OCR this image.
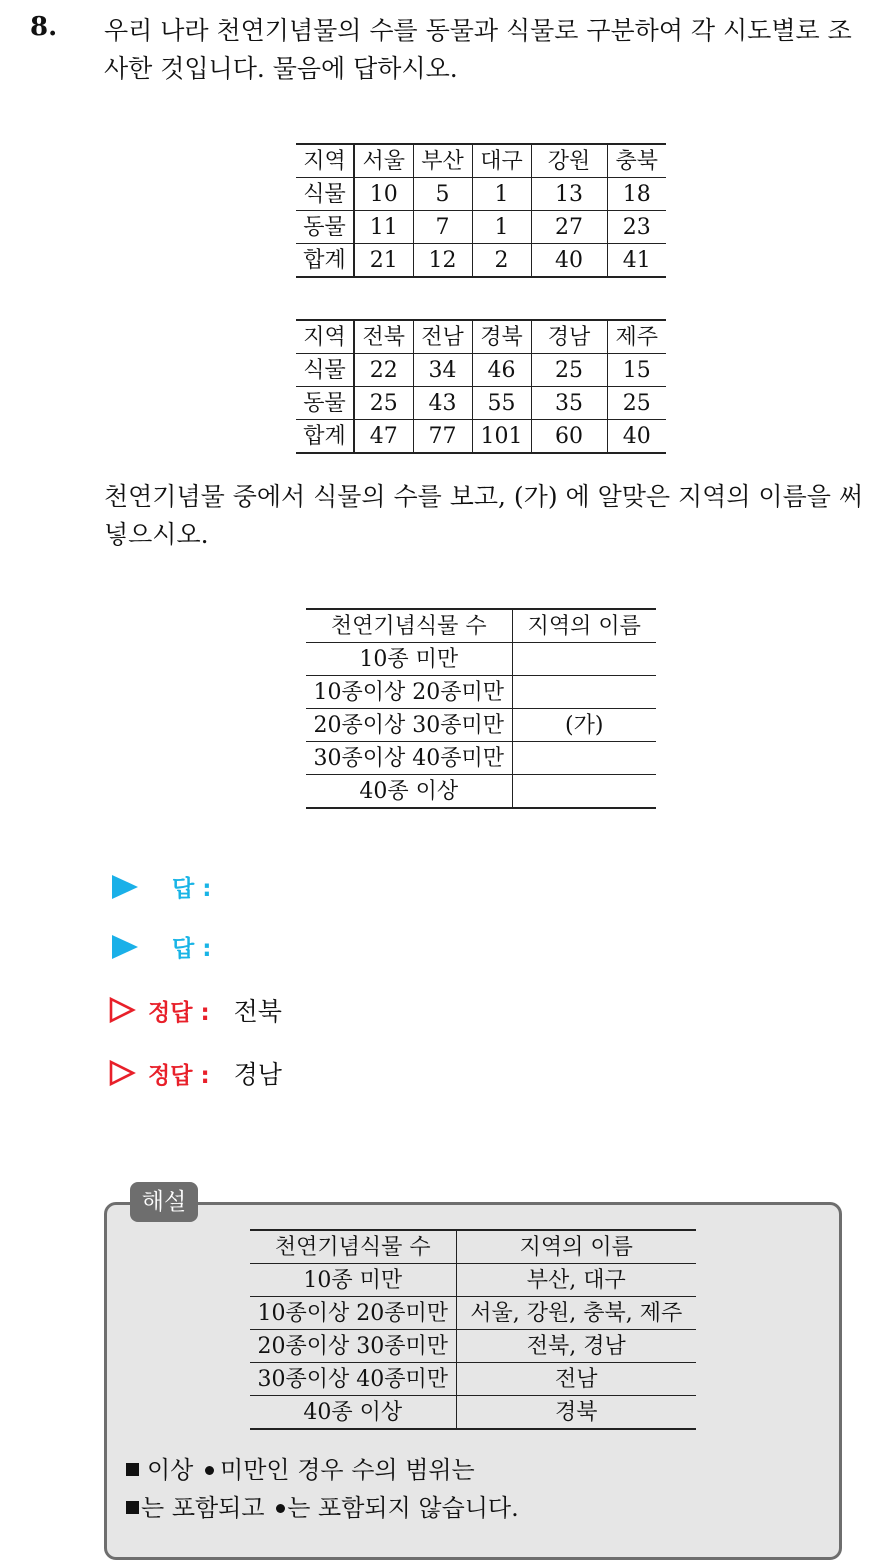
8. 우리 나라 천연기념물의 수를 동물과 식물로 구분하여 각 시도별로 조사한 것입니다. 물음에 답하시오.
지역	서울	부산	대구	강원	충북
식물	10	5	1	13	18
동물	11	7	1	27	23
합계	21	12	2	40	41
지역	전북	전남	경북	경남	제주
식물	22	34	46	25	15
동물	25	43	55	35	25
합계	47	77	101	60	40
천연기념물 중에서 식물의 수를 보고, (가) 에 알맞은 지역의 이름을 써 넣으시오.
천연기념식물 수	지역의 이름
10종 미만	
10종이상 20종미만	
20종이상 30종미만	(가)
30종이상 40종미만	
40종 이상	
답 :
답 :
정답 : 전북
정답 : 경남
해설
천연기념식물 수	지역의 이름
10종 미만	부산, 대구
10종이상 20종미만	서울, 강원, 충북, 제주
20종이상 30종미만	전북, 경남
30종이상 40종미만	전남
40종 이상	경북
이상 미만인 경우 수의 범위는
는 포함되고 는 포함되지 않습니다.
